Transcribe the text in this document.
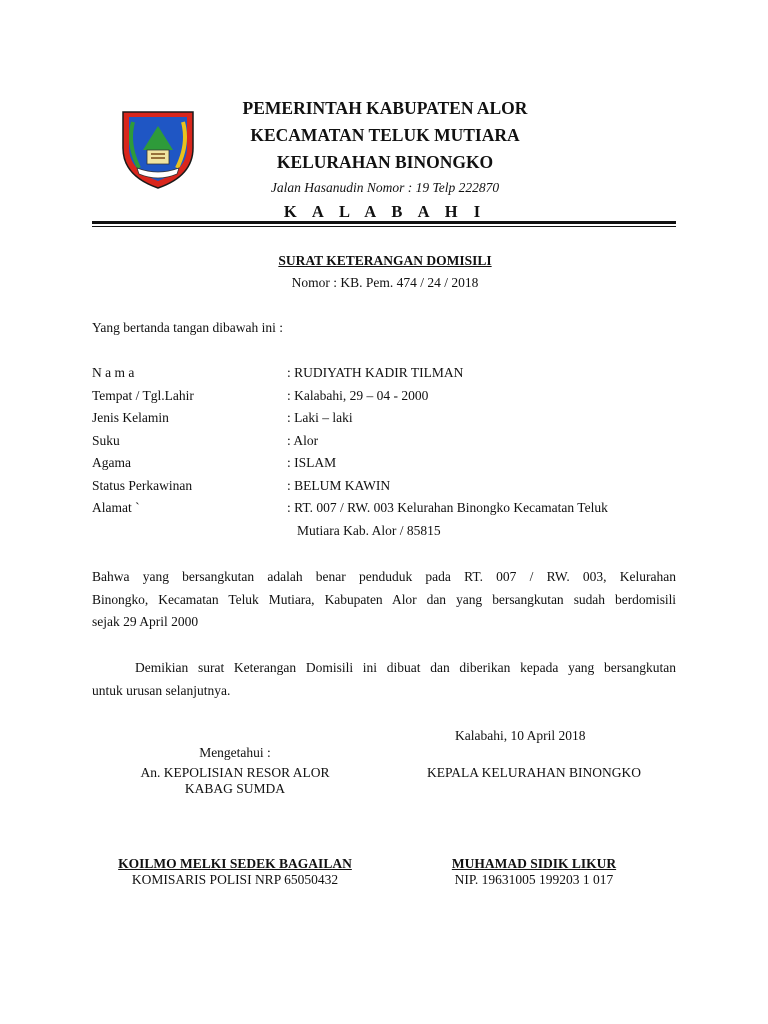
PEMERINTAH KABUPATEN ALOR
KECAMATAN TELUK MUTIARA
KELURAHAN BINONGKO
Jalan Hasanudin Nomor : 19 Telp 222870
K A L A B A H I
SURAT KETERANGAN DOMISILI
Nomor : KB. Pem. 474 / 24 / 2018
Yang bertanda tangan dibawah ini :
N a m a	: RUDIYATH KADIR TILMAN
Tempat / Tgl.Lahir	: Kalabahi, 29 – 04 - 2000
Jenis Kelamin	: Laki – laki
Suku	: Alor
Agama	: ISLAM
Status Perkawinan	: BELUM KAWIN
Alamat `	: RT. 007 / RW. 003 Kelurahan Binongko Kecamatan Teluk
Mutiara Kab. Alor / 85815
Bahwa yang bersangkutan adalah benar penduduk pada RT. 007 / RW. 003, Kelurahan
Binongko, Kecamatan Teluk Mutiara, Kabupaten Alor dan yang bersangkutan sudah berdomisili
sejak 29 April 2000
Demikian surat Keterangan Domisili ini dibuat dan diberikan kepada yang bersangkutan
untuk urusan selanjutnya.
Kalabahi, 10 April 2018
Mengetahui :
An. KEPOLISIAN RESOR ALOR
KABAG SUMDA
KOILMO MELKI SEDEK BAGAILAN
KOMISARIS POLISI NRP 65050432
KEPALA KELURAHAN BINONGKO
MUHAMAD SIDIK LIKUR
NIP. 19631005 199203 1 017
